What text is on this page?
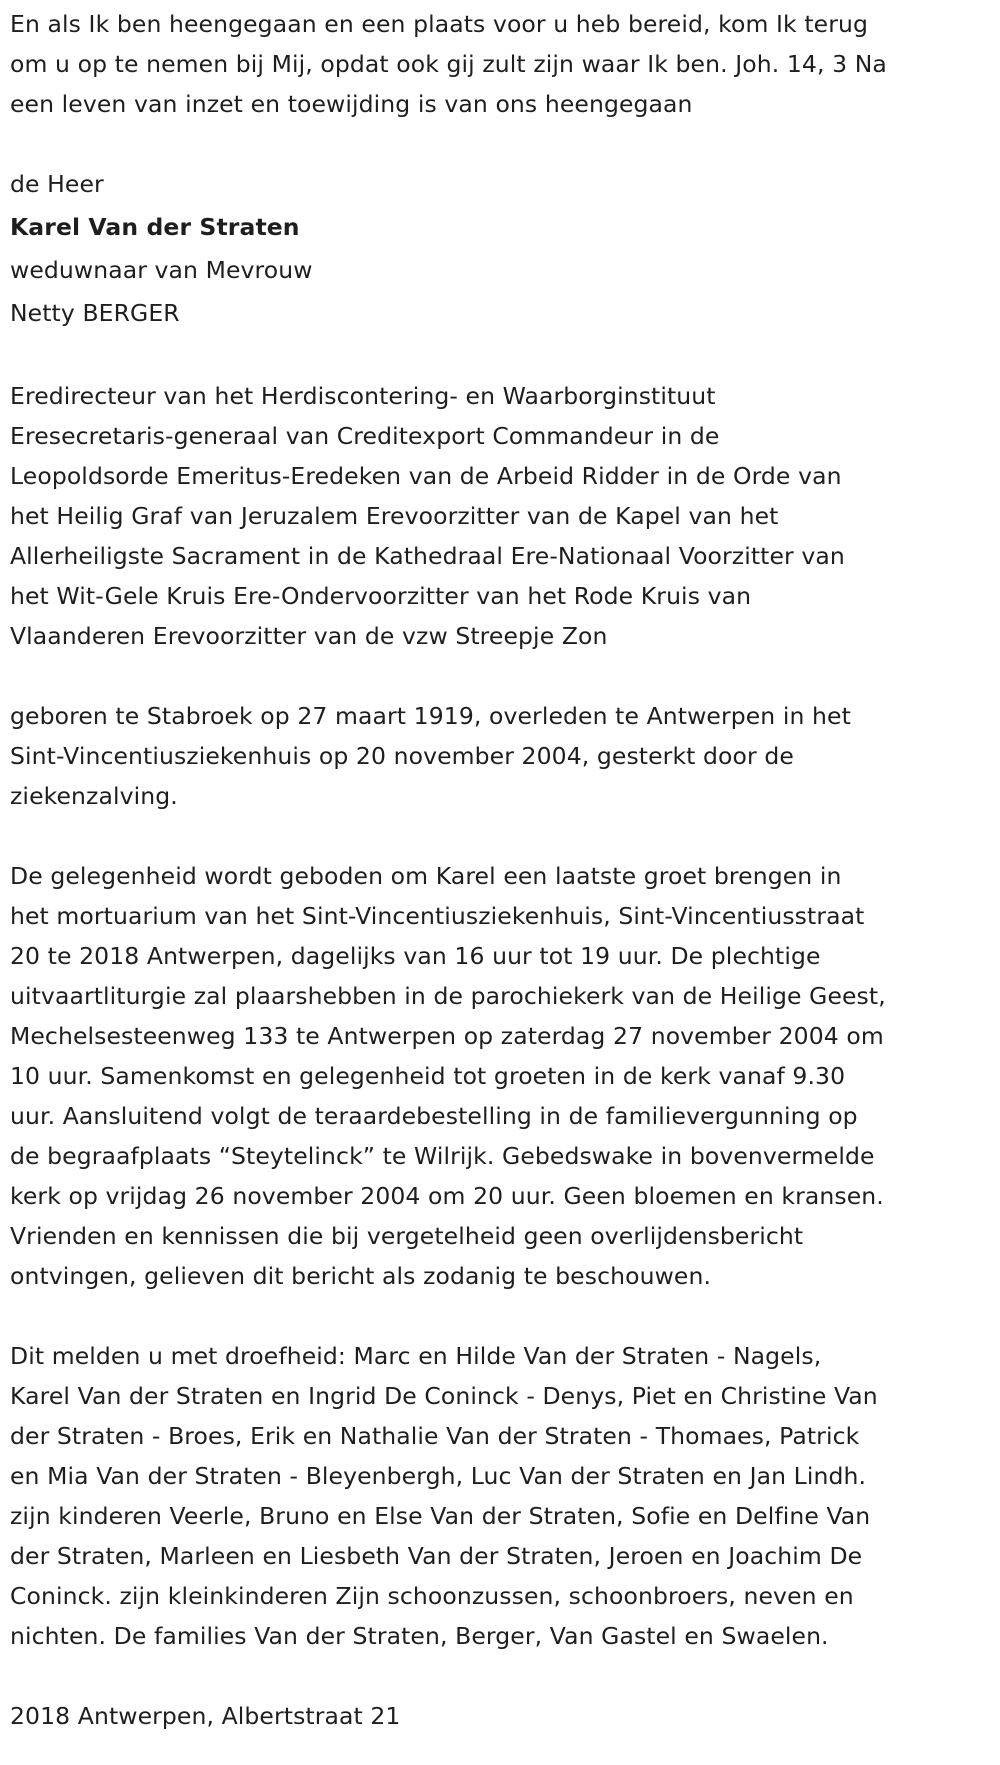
En als Ik ben heengegaan en een plaats voor u heb bereid, kom Ik terug
om u op te nemen bij Mij, opdat ook gij zult zijn waar Ik ben. Joh. 14, 3 Na
een leven van inzet en toewijding is van ons heengegaan
de Heer
Karel Van der Straten
weduwnaar van Mevrouw
Netty BERGER
Eredirecteur van het Herdiscontering- en Waarborginstituut
Eresecretaris-generaal van Creditexport Commandeur in de
Leopoldsorde Emeritus-Eredeken van de Arbeid Ridder in de Orde van
het Heilig Graf van Jeruzalem Erevoorzitter van de Kapel van het
Allerheiligste Sacrament in de Kathedraal Ere-Nationaal Voorzitter van
het Wit-Gele Kruis Ere-Ondervoorzitter van het Rode Kruis van
Vlaanderen Erevoorzitter van de vzw Streepje Zon
geboren te Stabroek op 27 maart 1919, overleden te Antwerpen in het
Sint-Vincentiusziekenhuis op 20 november 2004, gesterkt door de
ziekenzalving.
De gelegenheid wordt geboden om Karel een laatste groet brengen in
het mortuarium van het Sint-Vincentiusziekenhuis, Sint-Vincentiusstraat
20 te 2018 Antwerpen, dagelijks van 16 uur tot 19 uur. De plechtige
uitvaartliturgie zal plaarshebben in de parochiekerk van de Heilige Geest,
Mechelsesteenweg 133 te Antwerpen op zaterdag 27 november 2004 om
10 uur. Samenkomst en gelegenheid tot groeten in de kerk vanaf 9.30
uur. Aansluitend volgt de teraardebestelling in de familievergunning op
de begraafplaats “Steytelinck” te Wilrijk. Gebedswake in bovenvermelde
kerk op vrijdag 26 november 2004 om 20 uur. Geen bloemen en kransen.
Vrienden en kennissen die bij vergetelheid geen overlijdensbericht
ontvingen, gelieven dit bericht als zodanig te beschouwen.
Dit melden u met droefheid: Marc en Hilde Van der Straten - Nagels,
Karel Van der Straten en Ingrid De Coninck - Denys, Piet en Christine Van
der Straten - Broes, Erik en Nathalie Van der Straten - Thomaes, Patrick
en Mia Van der Straten - Bleyenbergh, Luc Van der Straten en Jan Lindh.
zijn kinderen Veerle, Bruno en Else Van der Straten, Sofie en Delfine Van
der Straten, Marleen en Liesbeth Van der Straten, Jeroen en Joachim De
Coninck. zijn kleinkinderen Zijn schoonzussen, schoonbroers, neven en
nichten. De families Van der Straten, Berger, Van Gastel en Swaelen.
2018 Antwerpen, Albertstraat 21
